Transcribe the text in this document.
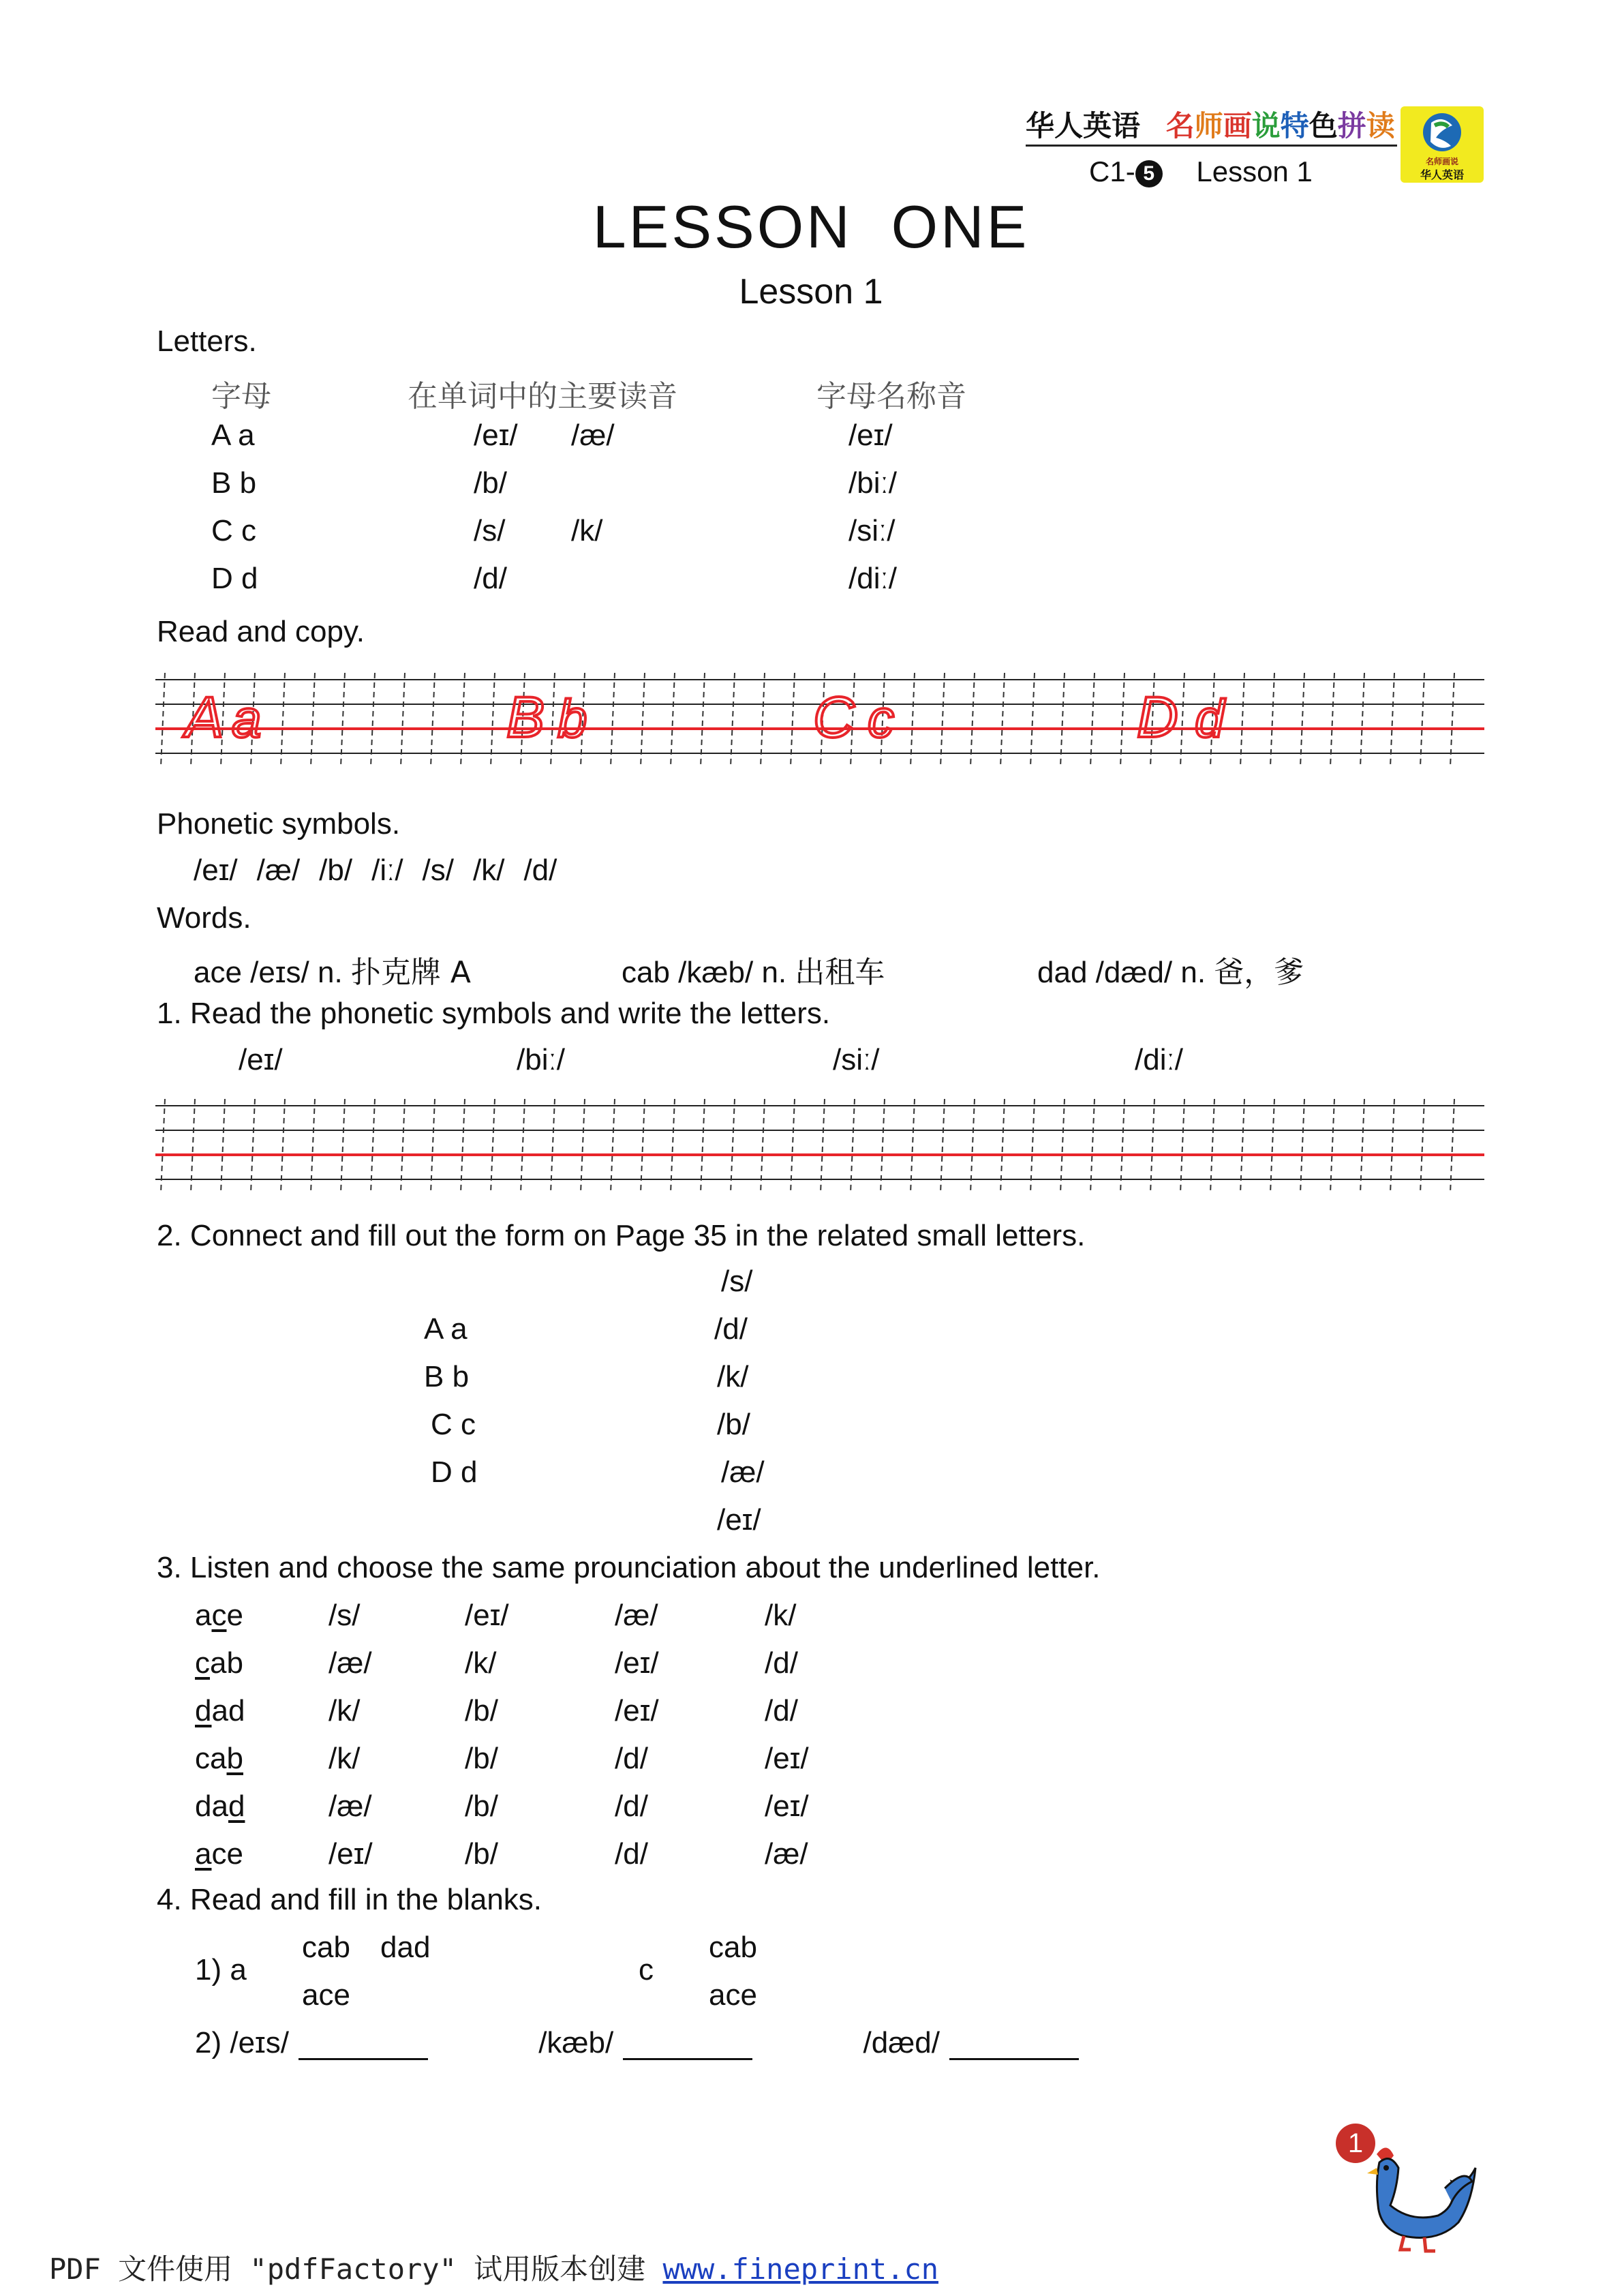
华人英语 名师画说特色拼读
C1- 5 Lesson 1	名师画说
华人英语
LESSON  ONE
Lesson 1
Letters.
字母	在单词中的主要读音	字母名称音
A a	/eɪ/ /æ/	/eɪ/
B b	/b/	/biː/
C c	/s/ /k/	/siː/
D d	/d/	/diː/
Read and copy.
A a	B b	C c	D d
Phonetic symbols.
/eɪ/ /æ/ /b/ /iː/ /s/ /k/ /d/
Words.
ace /eɪs/ n. 扑克牌 A	cab /kæb/ n. 出租车	dad /dæd/ n. 爸，爹
1. Read the phonetic symbols and write the letters.
/eɪ/	/biː/	/siː/	/diː/
2. Connect and fill out the form on Page 35 in the related small letters.
A a
B b
C c
D d
/s/
/d/
/k/
/b/
/æ/
/eɪ/
3. Listen and choose the same prounciation about the underlined letter.
ace	/s/	/eɪ/	/æ/	/k/
cab	/æ/	/k/	/eɪ/	/d/
dad	/k/	/b/	/eɪ/	/d/
cab	/k/	/b/	/d/	/eɪ/
dad	/æ/	/b/	/d/	/eɪ/
ace	/eɪ/	/b/	/d/	/æ/
4. Read and fill in the blanks.
1) a
cab dad
ace
c
cab
ace
2) /eɪs/	/kæb/	/dæd/
1
PDF 文件使用 "pdfFactory" 试用版本创建 www.fineprint.cn
